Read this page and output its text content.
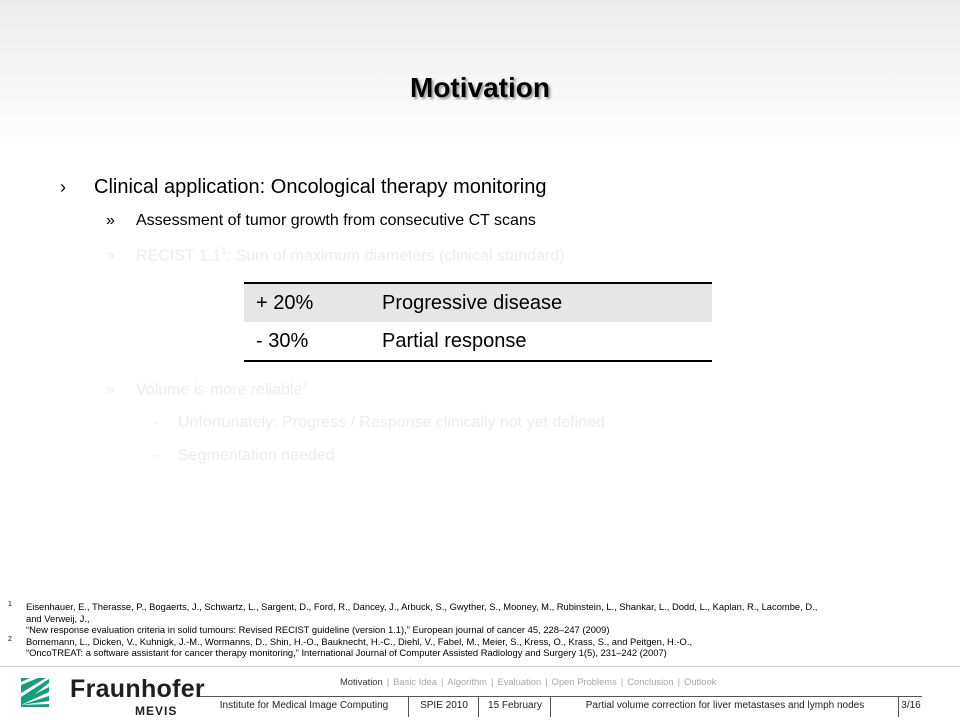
Motivation
› Clinical application: Oncological therapy monitoring
» Assessment of tumor growth from consecutive CT scans
» RECIST $1.1^1$: Sum of maximum diameters (clinical standard)
+ 20%	Progressive disease
- 30%	Partial response
» Volume is more reliable$^2$
- Unfortunately: Progress / Response clinically not yet defined
- Segmentation needed
1 Eisenhauer, E., Therasse, P., Bogaerts, J., Schwartz, L., Sargent, D., Ford, R., Dancey, J., Arbuck, S., Gwyther, S., Mooney, M., Rubinstein, L., Shankar, L., Dodd, L., Kaplan, R., Lacombe, D.,
and Verweij, J.,
“New response evaluation criteria in solid tumours: Revised RECIST guideline (version 1.1),” European journal of cancer 45, 228–247 (2009)
2 Bornemann, L., Dicken, V., Kuhnigk, J.-M., Wormanns, D., Shin, H.-O., Bauknecht, H.-C., Diehl, V., Fabel, M., Meier, S., Kress, O., Krass, S., and Peitgen, H.-O.,
“OncoTREAT: a software assistant for cancer therapy monitoring,” International Journal of Computer Assisted Radiology and Surgery 1(5), 231–242 (2007)
Fraunhofer
MEVIS
Motivation | Basic Idea | Algorithm | Evaluation | Open Problems | Conclusion | Outlook
Institute for Medical Image Computing	SPIE 2010	15 February	Partial volume correction for liver metastases and lymph nodes	3/16
